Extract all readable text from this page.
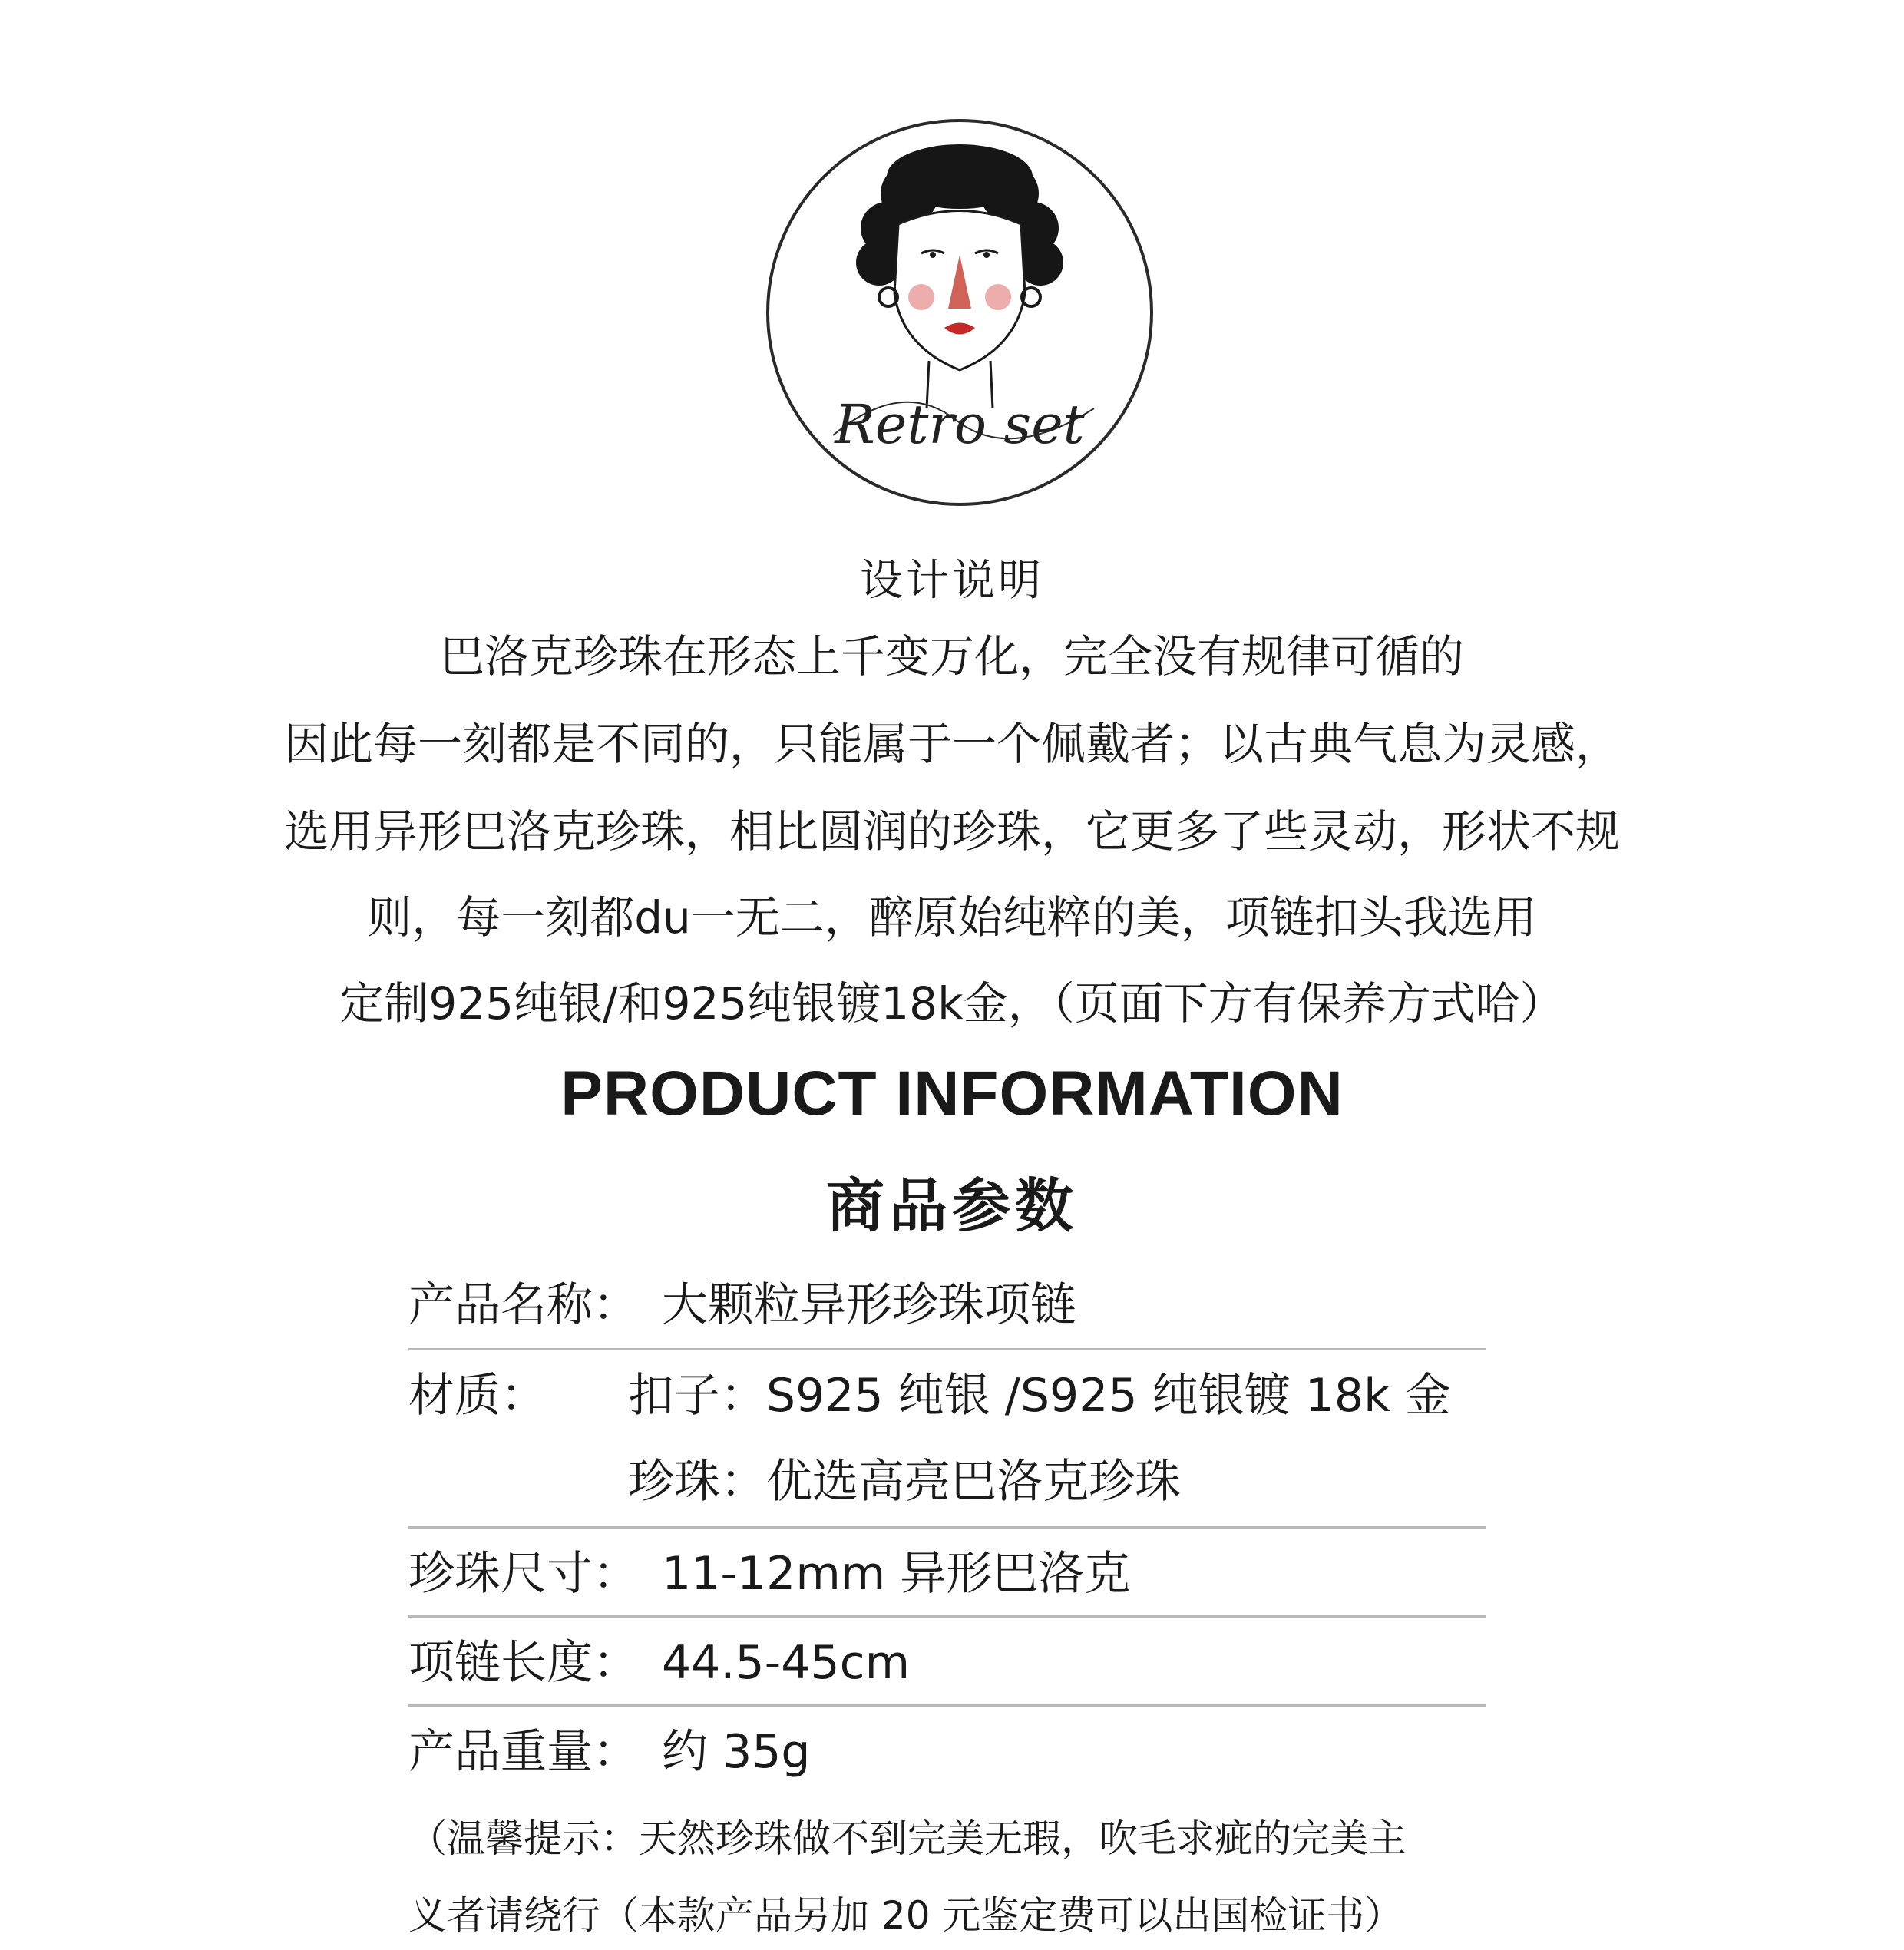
Retro set
设计说明
巴洛克珍珠在形态上千变万化，完全没有规律可循的
因此每一刻都是不同的，只能属于一个佩戴者；以古典气息为灵感，
选用异形巴洛克珍珠，相比圆润的珍珠，它更多了些灵动，形状不规
则，每一刻都du一无二，醉原始纯粹的美，项链扣头我选用
定制925纯银/和925纯银镀18k金，（页面下方有保养方式哈）
PRODUCT INFORMATION
商品参数
产品名称： 大颗粒异形珍珠项链
材质： 扣子：S925 纯银 /S925 纯银镀 18k 金
珍珠：优选高亮巴洛克珍珠
珍珠尺寸： 11-12mm 异形巴洛克
项链长度： 44.5-45cm
产品重量： 约 35g
（温馨提示：天然珍珠做不到完美无瑕，吹毛求疵的完美主
义者请绕行（本款产品另加 20 元鉴定费可以出国检证书）
